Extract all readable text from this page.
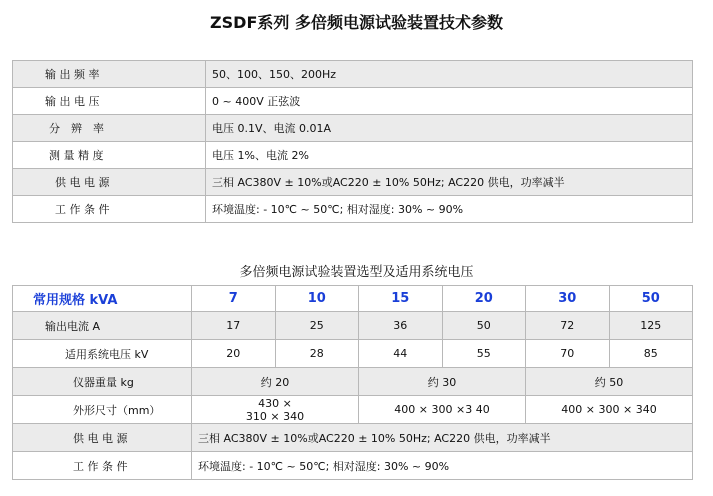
ZSDF系列 多倍频电源试验装置技术参数
输 出 频 率	50、100、150、200Hz
输 出 电 压	0 ~ 400V 正弦波
分　辨　率	电压 0.1V、电流 0.01A
测 量 精 度	电压 1%、电流 2%
供 电 电 源	三相 AC380V ± 10%或AC220 ± 10% 50Hz; AC220 供电，功率减半
工 作 条 件	环境温度: - 10℃ ~ 50℃; 相对湿度: 30% ~ 90%
多倍频电源试验装置选型及适用系统电压
常用规格 kVA	7	10	15	20	30	50
输出电流 A	17	25	36	50	72	125
适用系统电压 kV	20	28	44	55	70	85
仪器重量 kg	约 20		约 30		约 50	
外形尺寸（mm）	430 ×
310 × 340		400 × 300 ×3 40		400 × 300 × 340	

供 电 电 源	三相 AC380V ± 10%或AC220 ± 10% 50Hz; AC220 供电，功率减半					
工 作 条 件	环境温度: - 10℃ ~ 50℃; 相对湿度: 30% ~ 90%					
